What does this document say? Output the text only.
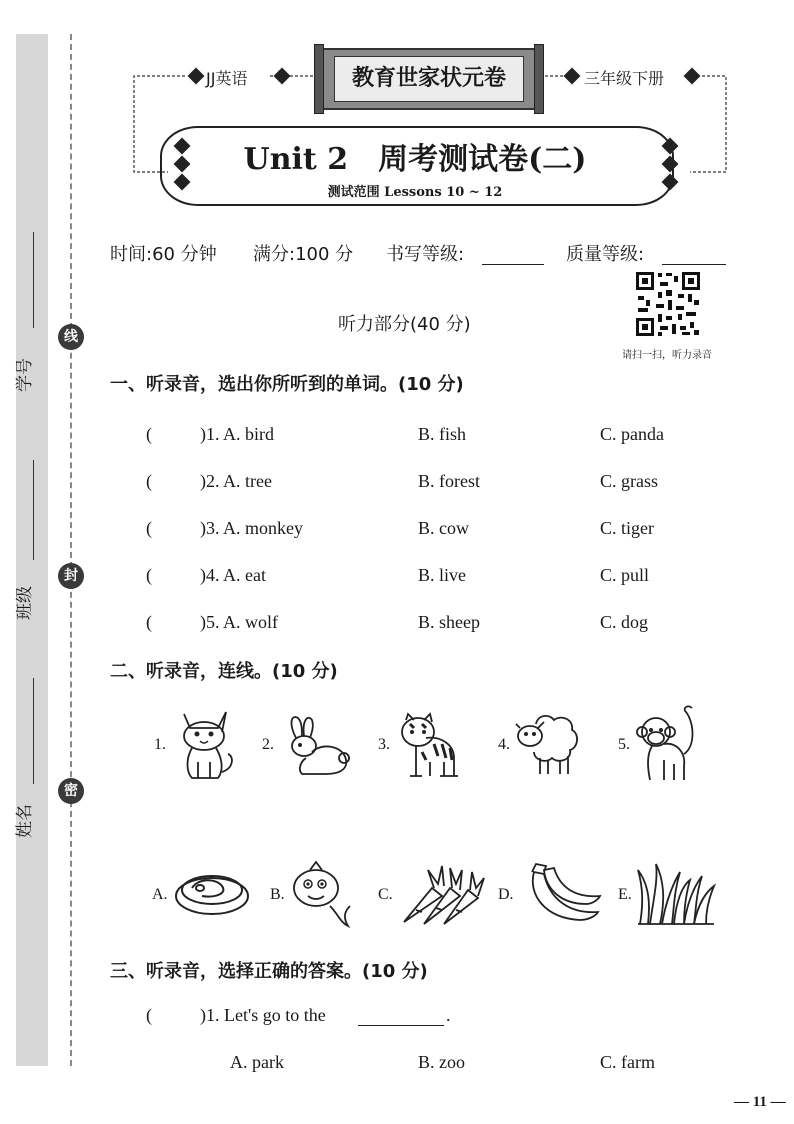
学号
班级
姓名
线
封
密
JJ英语	三年级下册
教育世家状元卷
Unit 2　周考测试卷(二)
测试范围 Lessons 10 ~ 12
时间:60 分钟 满分:100 分 书写等级:	质量等级:
请扫一扫，听力录音
听力部分(40 分)
一、听录音，选出你所听到的单词。(10 分)
(	)1. A. bird	B. fish	C. panda
(	)2. A. tree	B. forest	C. grass
(	)3. A. monkey	B. cow	C. tiger
(	)4. A. eat	B. live	C. pull
(	)5. A. wolf	B. sheep	C. dog
二、听录音，连线。(10 分)
1.	2.	3.	4.	5.
A.	B.	C.	D.	E.
三、听录音，选择正确的答案。(10 分)
(	)1. Let's go to the	.
A. park	B. zoo	C. farm
— 11 —
